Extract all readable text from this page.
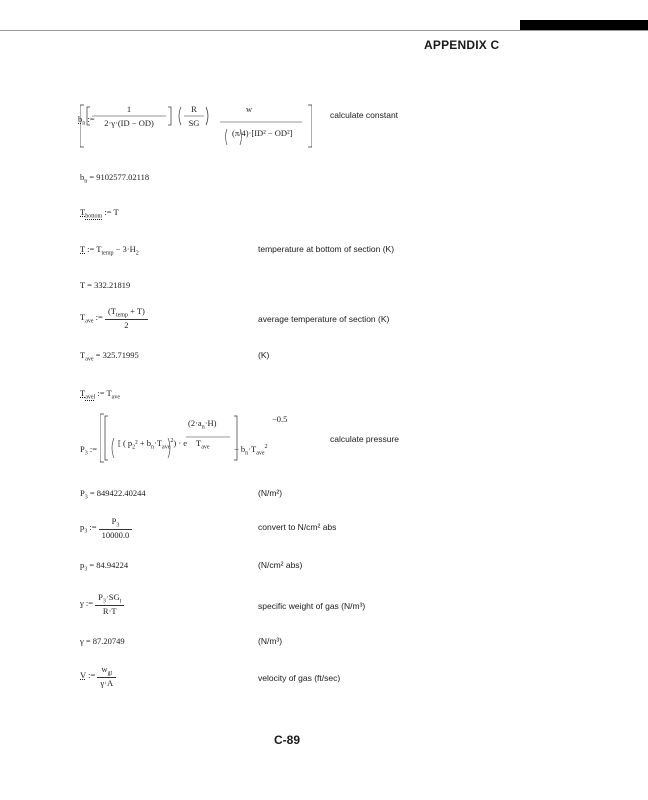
APPENDIX C
$b_n$ :=
1
2·γ·(ID − OD)
R
SG
w
(π/4)·[ID² − OD²]
calculate constant
$b_n = 9102577.02118$
$T_{bottom}$ := T
T := $T_{temp} - 3\cdot H_2$	temperature at bottom of section (K)
T = 332.21819
$T_{ave}$ := $\frac{(T_{temp} + T)}{2}$	average temperature of section (K)
$T_{ave} = 325.71995$	(K)
$T_{avel}$ := $T_{ave}$
$P_3$ :=
[ ( $p_2^2 + b_n\cdot T_{ave}^2) \cdot e$
$(2\cdot a_n\cdot H)$
$T_{ave}$
−0.5
− $b_n\cdot T_{ave}^2$
calculate pressure
$P_3 = 849422.40244$	(N/m²)
$p_3$ := $\frac{P_3}{10000.0}$	convert to N/cm² abs
$p_3 = 84.94224$	(N/cm² abs)
γ := $\frac{P_3\cdot SG_t}{R\cdot T}$	specific weight of gas (N/m³)
γ = 87.20749	(N/m³)
V := $\frac{w_{gt}}{\gamma\cdot A}$	velocity of gas (ft/sec)
C-89
